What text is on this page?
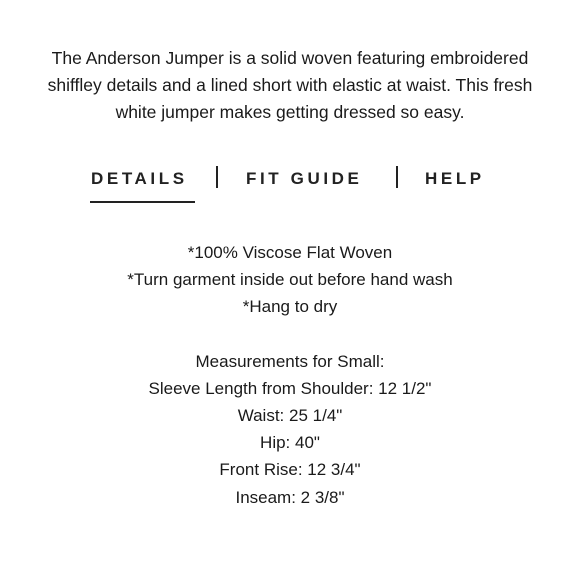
The Anderson Jumper is a solid woven featuring embroidered
shiffley details and a lined short with elastic at waist. This fresh
white jumper makes getting dressed so easy.
DETAILS	FIT GUIDE	HELP
*100% Viscose Flat Woven
*Turn garment inside out before hand wash
*Hang to dry
Measurements for Small:
Sleeve Length from Shoulder: 12 1/2"
Waist: 25 1/4"
Hip: 40"
Front Rise: 12 3/4"
Inseam: 2 3/8"
